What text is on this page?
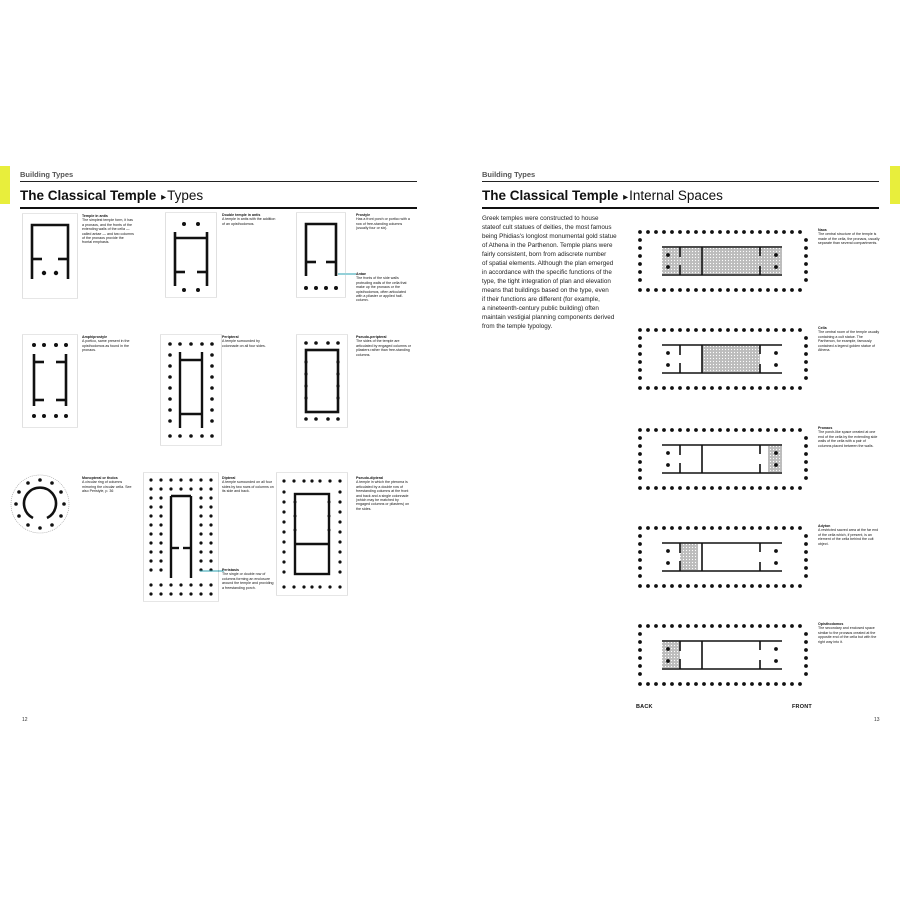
Building Types
The Classical Temple ▸Types
Temple in antis
The simplest temple form, it has a pronaos, and the fronts of the extending walls of the cella — called antae — and two columns of the pronaos provide the frontal emphasis.
Double temple in antis
A temple in antis with the addition of an opisthodomos.
Prostyle
Has a front porch or portico with a row of free-standing columns (usually four or six).
Antae
The fronts of the side walls protruding walls of the cella that make up the pronaos or the opisthodomos, often articulated with a pilaster or applied half-column.
Amphiprostyle
A portico, same present in the opisthodomos as found in the pronaos.
Peripteral
A temple surrounded by colonnade on all four sides.
Pseudo-peripteral
The sides of the temple are articulated by engaged columns or pilasters rather than free-standing columns.
Monopteral or tholos
A circular ring of columns mirroring the circular cella. See also Peristyle, p. 36
Dipteral
A temple surrounded on all four sides by two rows of columns on its side and back.
Peristasis
The single or double row of columns forming an enclosure around the temple and providing a freestanding porch.
Pseudo-dipteral
A temple in which the pteroma is articulated by a double row of freestanding columns at the front and back and a single colonnade (which may be matched by engaged columns or pilasters) on the sides.
12
Building Types
The Classical Temple ▸Internal Spaces
Greek temples were constructed to house
stateof cult statues of deities, the most famous
being Phidias's longlost monumental gold statue
of Athena in the Parthenon. Temple plans were
fairly consistent, born from adiscrete number
of spatial elements. Although the plan emerged
in accordance with the specific functions of the
type, the tight integration of plan and elevation
means that buildings based on the type, even
if their functions are different (for example,
a nineteenth-century public building) often
maintain vestigial planning components derived
from the temple typology.
Naos
The central structure of the temple is made of the cella, the pronaos, usually separate than several compartments.
Cella
The central room of the temple usually containing a cult statue. The Parthenon, for example, famously contained a legend golden statue of Athena.
Pronaos
The porch-like space created at one end of the cella by the extending side walls of the cella with a pair of columns placed between the walls.
Adyton
A restricted sacred area at the far end of the cella which, if present, is an element of the cella behind the cult object.
Opisthodomos
The secondary and enclosed space similar to the pronaos created at the opposite end of the cella but with the right way into it.
BACK	FRONT
13
